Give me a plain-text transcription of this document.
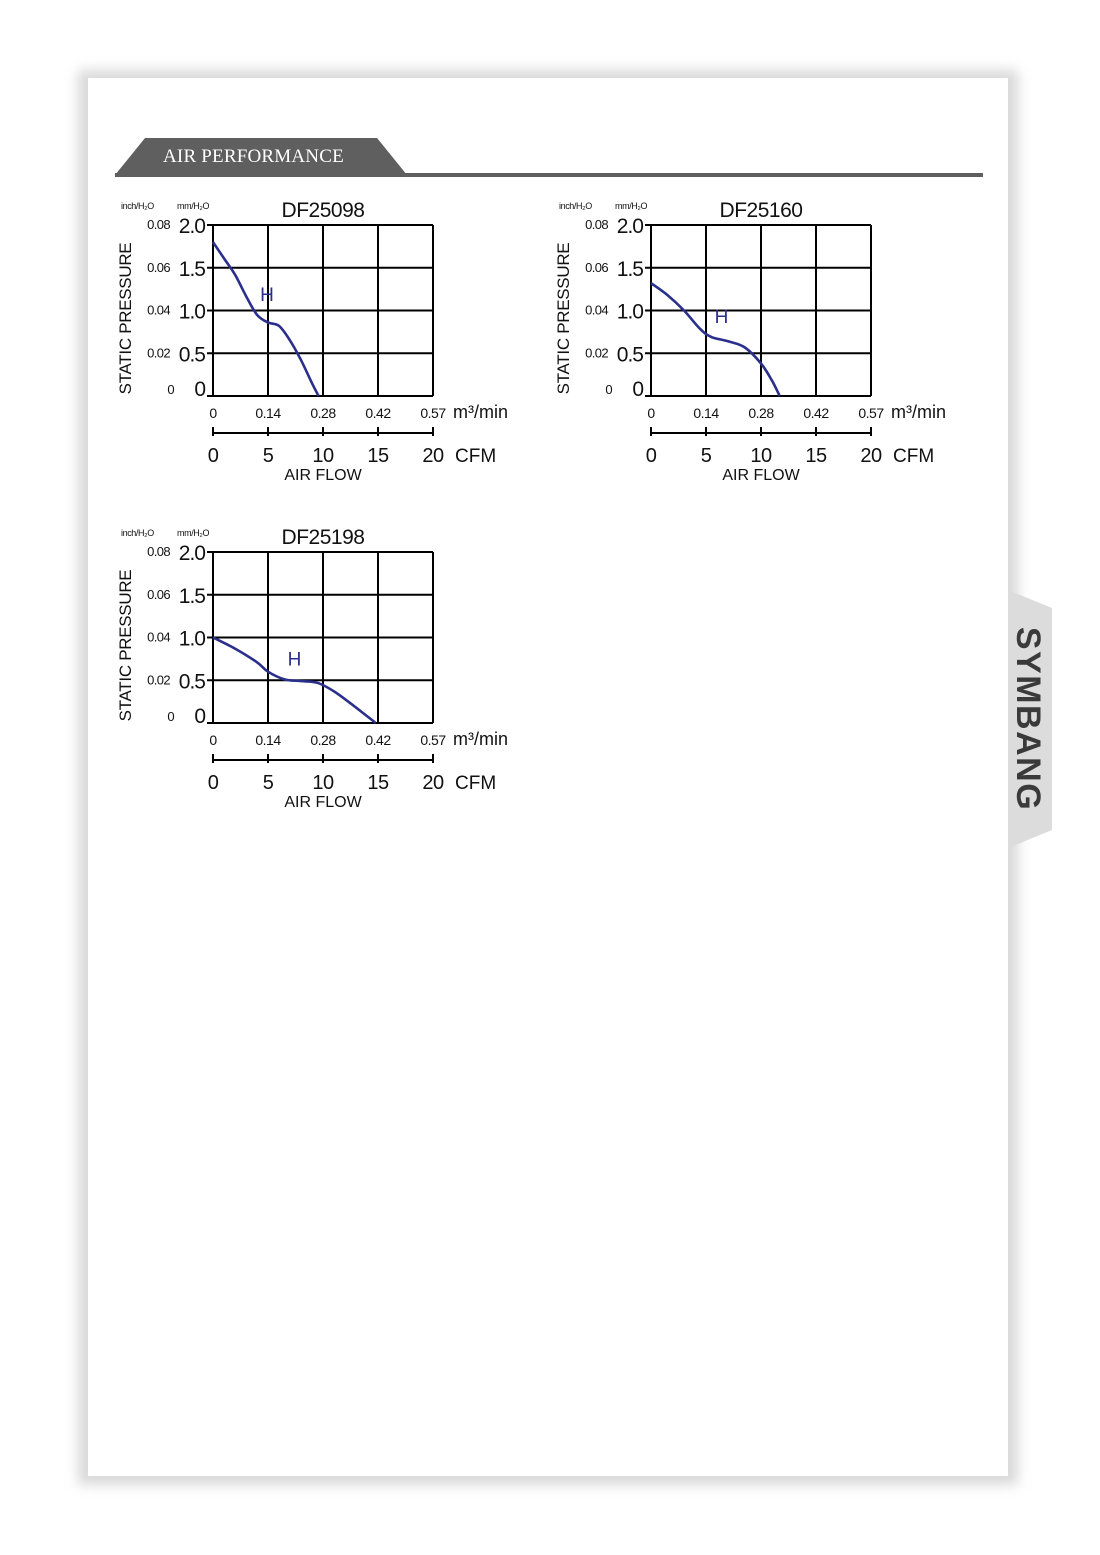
AIR PERFORMANCE
DF25098
inch/H₂O	mm/H₂O
STATIC PRESSURE	0
0.5
1.0
1.5
2.0
0
0.02
0.04
0.06
0.08
0	0.14 0.28 0.42 0.57 m³/min
0 5 10 15 20 CFM
AIR FLOW
H
DF25160
inch/H₂O	mm/H₂O
STATIC PRESSURE	0
0.5
1.0
1.5
2.0
0
0.02
0.04
0.06
0.08
0	0.14 0.28 0.42 0.57 m³/min
0 5 10 15 20 CFM
AIR FLOW
H
DF25198
inch/H₂O	mm/H₂O
STATIC PRESSURE	0
0.5
1.0
1.5
2.0
0
0.02
0.04
0.06
0.08
0	0.14 0.28 0.42 0.57 m³/min
0 5 10 15 20 CFM
AIR FLOW
H
SYMBANG
